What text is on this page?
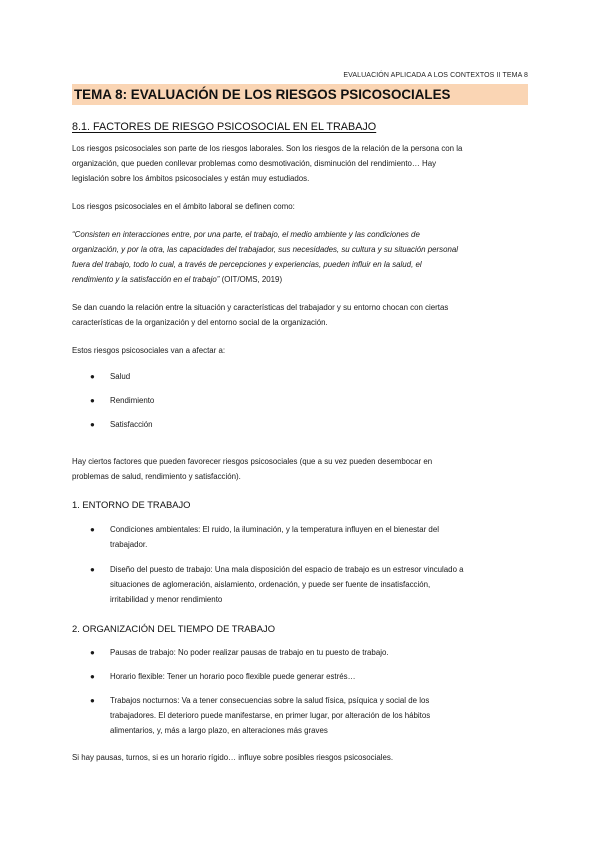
EVALUACIÓN APLICADA A LOS CONTEXTOS II TEMA 8
TEMA 8: EVALUACIÓN DE LOS RIESGOS PSICOSOCIALES
8.1. FACTORES DE RIESGO PSICOSOCIAL EN EL TRABAJO

Los riesgos psicosociales son parte de los riesgos laborales. Son los riesgos de la relación de la persona con la
organización, que pueden conllevar problemas como desmotivación, disminución del rendimiento… Hay
legislación sobre los ámbitos psicosociales y están muy estudiados.

Los riesgos psicosociales en el ámbito laboral se definen como:

“Consisten en interacciones entre, por una parte, el trabajo, el medio ambiente y las condiciones de
organización, y por la otra, las capacidades del trabajador, sus necesidades, su cultura y su situación personal
fuera del trabajo, todo lo cual, a través de percepciones y experiencias, pueden influir en la salud, el
rendimiento y la satisfacción en el trabajo” (OIT/OMS, 2019)

Se dan cuando la relación entre la situación y características del trabajador y su entorno chocan con ciertas
características de la organización y del entorno social de la organización.

Estos riesgos psicosociales van a afectar a:

● Salud
● Rendimiento
● Satisfacción

Hay ciertos factores que pueden favorecer riesgos psicosociales (que a su vez pueden desembocar en
problemas de salud, rendimiento y satisfacción).

1. ENTORNO DE TRABAJO
● Condiciones ambientales: El ruido, la iluminación, y la temperatura influyen en el bienestar del
trabajador.
● Diseño del puesto de trabajo: Una mala disposición del espacio de trabajo es un estresor vinculado a
situaciones de aglomeración, aislamiento, ordenación, y puede ser fuente de insatisfacción,
irritabilidad y menor rendimiento
2. ORGANIZACIÓN DEL TIEMPO DE TRABAJO
● Pausas de trabajo: No poder realizar pausas de trabajo en tu puesto de trabajo.
● Horario flexible: Tener un horario poco flexible puede generar estrés…
● Trabajos nocturnos: Va a tener consecuencias sobre la salud física, psíquica y social de los
trabajadores. El deterioro puede manifestarse, en primer lugar, por alteración de los hábitos
alimentarios, y, más a largo plazo, en alteraciones más graves

Si hay pausas, turnos, si es un horario rígido… influye sobre posibles riesgos psicosociales.
